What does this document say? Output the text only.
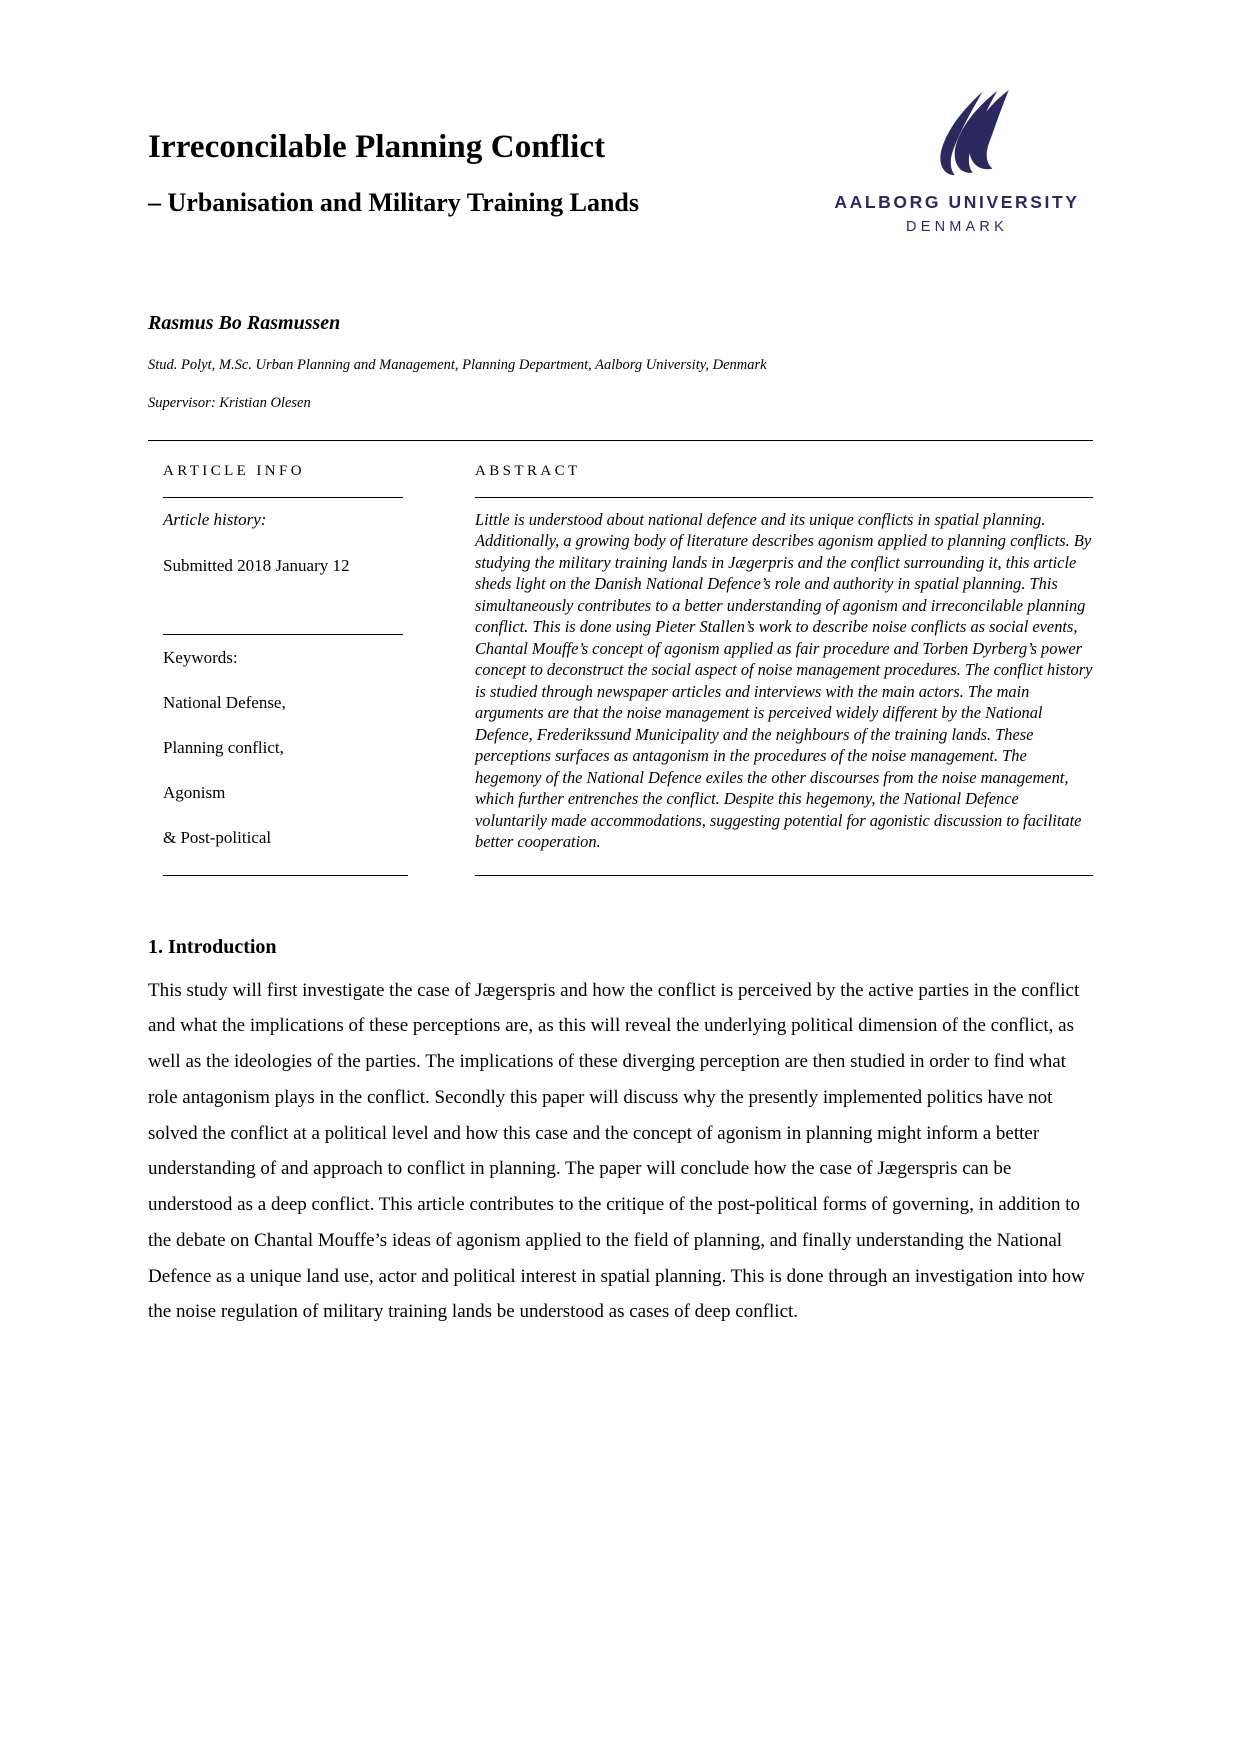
Irreconcilable Planning Conflict
– Urbanisation and Military Training Lands	AALBORG UNIVERSITY
DENMARK
Rasmus Bo Rasmussen
Stud. Polyt, M.Sc. Urban Planning and Management, Planning Department, Aalborg University, Denmark
Supervisor: Kristian Olesen
ARTICLE INFO
Article history:
Submitted 2018 January 12
Keywords:
National Defense,
Planning conflict,
Agonism
& Post-political
ABSTRACT

Little is understood about national defence and its unique conflicts in spatial planning. Additionally, a growing body of literature describes agonism applied to planning conflicts. By studying the military training lands in Jægerpris and the conflict surrounding it, this article sheds light on the Danish National Defence’s role and authority in spatial planning. This simultaneously contributes to a better understanding of agonism and irreconcilable planning conflict. This is done using Pieter Stallen’s work to describe noise conflicts as social events, Chantal Mouffe’s concept of agonism applied as fair procedure and Torben Dyrberg’s power concept to deconstruct the social aspect of noise management procedures. The conflict history is studied through newspaper articles and interviews with the main actors. The main arguments are that the noise management is perceived widely different by the National Defence, Frederikssund Municipality and the neighbours of the training lands. These perceptions surfaces as antagonism in the procedures of the noise management. The hegemony of the National Defence exiles the other discourses from the noise management, which further entrenches the conflict. Despite this hegemony, the National Defence voluntarily made accommodations, suggesting potential for agonistic discussion to facilitate better cooperation.

1. Introduction

This study will first investigate the case of Jægerspris and how the conflict is perceived by the active parties in the conflict and what the implications of these perceptions are, as this will reveal the underlying political dimension of the conflict, as well as the ideologies of the parties. The implications of these diverging perception are then studied in order to find what role antagonism plays in the conflict. Secondly this paper will discuss why the presently implemented politics have not solved the conflict at a political level and how this case and the concept of agonism in planning might inform a better understanding of and approach to conflict in planning. The paper will conclude how the case of Jægerspris can be understood as a deep conflict. This article contributes to the critique of the post-political forms of governing, in addition to the debate on Chantal Mouffe’s ideas of agonism applied to the field of planning, and finally understanding the National Defence as a unique land use, actor and political interest in spatial planning. This is done through an investigation into how the noise regulation of military training lands be understood as cases of deep conflict.
